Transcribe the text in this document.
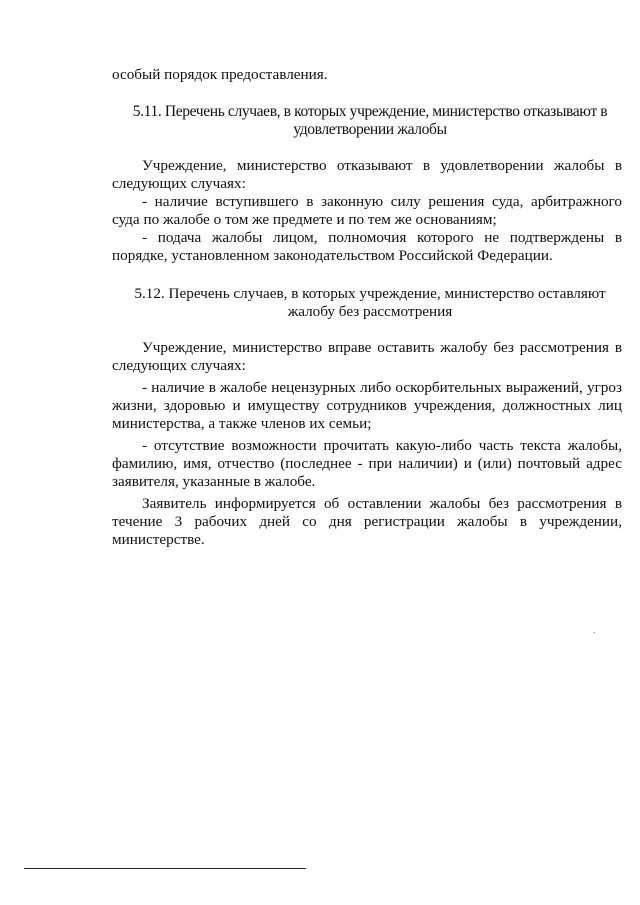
особый порядок предоставления.

5.11. Перечень случаев, в которых учреждение, министерство отказывают в удовлетворении жалобы

Учреждение, министерство отказывают в удовлетворении жалобы в следующих случаях:

- наличие вступившего в законную силу решения суда, арбитражного суда по жалобе о том же предмете и по тем же основаниям;

- подача жалобы лицом, полномочия которого не подтверждены в порядке, установленном законодательством Российской Федерации.

5.12. Перечень случаев, в которых учреждение, министерство оставляют жалобу без рассмотрения

Учреждение, министерство вправе оставить жалобу без рассмотрения в следующих случаях:

- наличие в жалобе нецензурных либо оскорбительных выражений, угроз жизни, здоровью и имуществу сотрудников учреждения, должностных лиц министерства, а также членов их семьи;

- отсутствие возможности прочитать какую-либо часть текста жалобы, фамилию, имя, отчество (последнее - при наличии) и (или) почтовый адрес заявителя, указанные в жалобе.

Заявитель информируется об оставлении жалобы без рассмотрения в течение 3 рабочих дней со дня регистрации жалобы в учреждении, министерстве.
